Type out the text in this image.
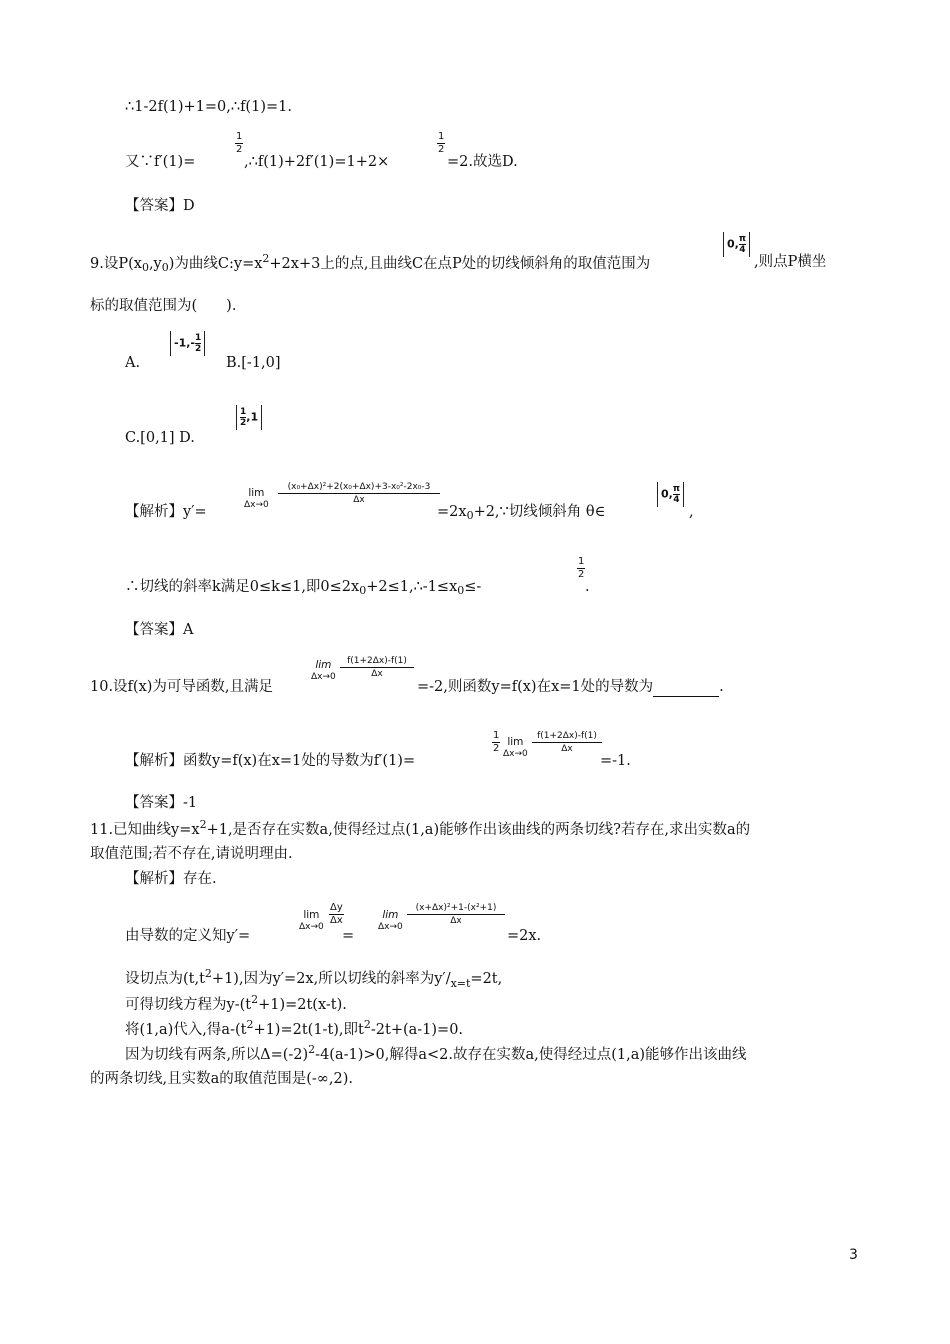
∴1-2f(1)+1=0,∴f(1)=1.
又∵f′(1)=
$\frac{1}{2}$
,∴f(1)+2f′(1)=1+2×
$\frac{1}{2}$
=2.故选D.
【答案】D
9.设$P(x_0,y_0)$为曲线$C:y=x^2+2x+3$上的点,且曲线C在点P处的切线倾斜角的取值范围为
0, $\frac{\pi}{4}$
,则点P横坐
标的取值范围为(　　).
A.
$-1,- \frac{1}{2}$
B.[-1,0]
C.[0,1] D.
$\frac{1}{2},1$
【解析】y′=
lim
$\Delta x\to 0 \frac{\text{(x₀+Δx)²+2(x₀+Δx)+3-x₀²-2x₀-3}}{\Delta x}$
$=2x_0+2,\because$切线倾斜角 θ∈
0, $\frac{\pi}{4}$
,
∴切线的斜率k满足0≤k≤1,即$0\le 2x_0+2\le 1,\therefore-1\le x_0\le-$
$\frac{1}{2}$
.
【答案】A
10.设f(x)为可导函数,且满足
lim
$\Delta x\to 0 \frac{f(1+2\Delta x)-f(1)}{\Delta x}$
=-2,则函数y=f(x)在x=1处的导数为	.
【解析】函数y=f(x)在x=1处的导数为f′(1)=
$\frac{1}{2}$ lim
$\Delta x\to 0 \frac{f(1+2\Delta x)-f(1)}{\Delta x}$
=-1.
【答案】-1
11.已知曲线$y=x^2+1$,是否存在实数a,使得经过点(1,a)能够作出该曲线的两条切线?若存在,求出实数a的
取值范围;若不存在,请说明理由.
【解析】存在.
由导数的定义知y′=
lim
$\Delta x\to 0 \frac{\Delta y}{\Delta x}$
=
lim
$\Delta x\to 0 \frac{\text{(x+Δx)²+1-(x²+1)}}{\Delta x}$
=2x.
设切点为$(t,t^2+1)$,因为y′=2x,所以切线的斜率为$y'/_{x=t}=2t$,
可得切线方程为$y-(t^2+1)=2t(x-t)$.
将(1,a)代入,得$a-(t^2+1)=2t(1-t)$,即$t^2-2t+(a-1)=0$.
因为切线有两条,所以$\Delta=(-2)^2-4(a-1)>0$,解得a<2.故存在实数a,使得经过点(1,a)能够作出该曲线
的两条切线,且实数a的取值范围是(-∞,2).
3
